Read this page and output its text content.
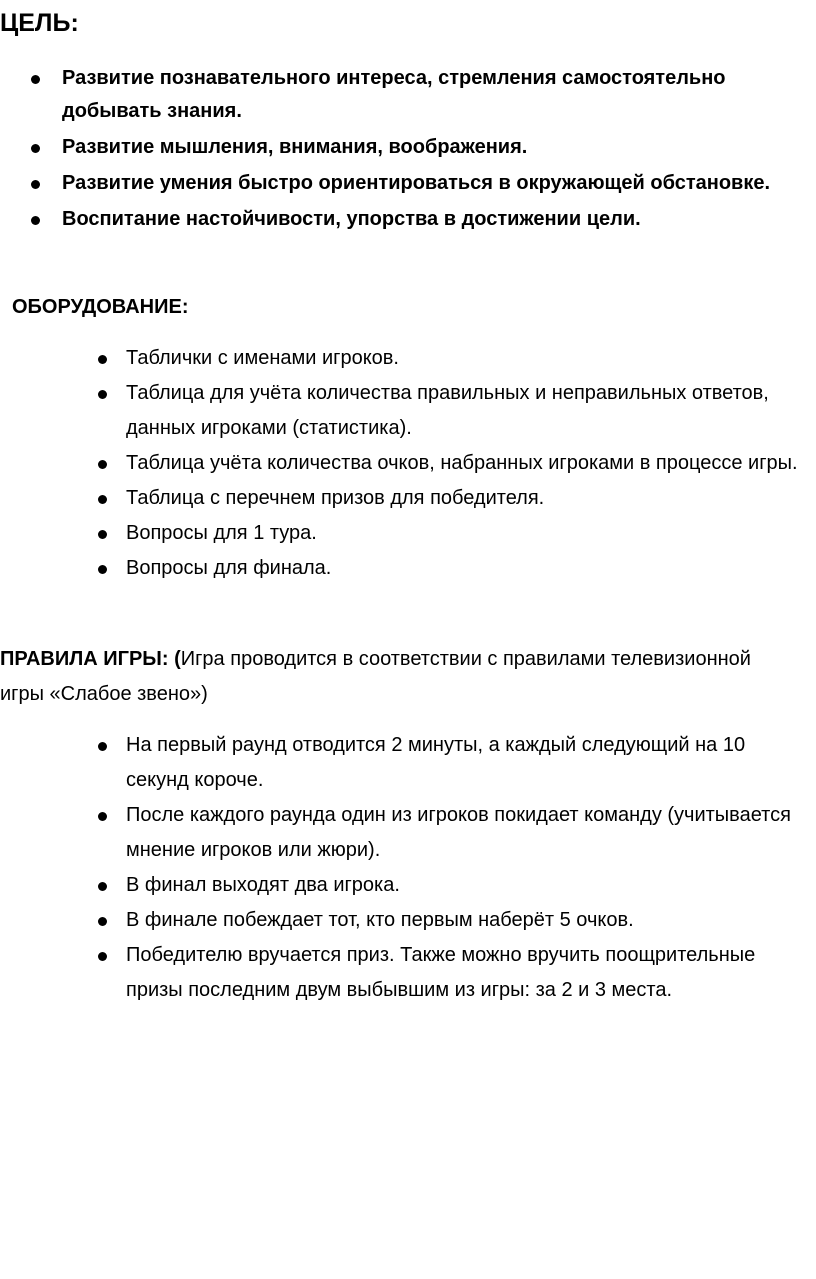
ЦЕЛЬ:
Развитие познавательного интереса, стремления самостоятельно добывать знания.
Развитие мышления, внимания, воображения.
Развитие умения быстро ориентироваться в окружающей обстановке.
Воспитание настойчивости, упорства в достижении цели.
ОБОРУДОВАНИЕ:
Таблички с именами игроков.
Таблица для учёта количества правильных и неправильных ответов, данных игроками (статистика).
Таблица учёта количества очков, набранных игроками в процессе игры.
Таблица с перечнем призов для победителя.
Вопросы для 1 тура.
Вопросы для финала.

ПРАВИЛА ИГРЫ: (Игра проводится в соответствии с правилами телевизионной игры «Слабое звено»)

На первый раунд отводится 2 минуты, а каждый следующий на 10 секунд короче.
После каждого раунда один из игроков покидает команду (учитывается мнение игроков или жюри).
В финал выходят два игрока.
В финале побеждает тот, кто первым наберёт 5 очков.
Победителю вручается приз. Также можно вручить поощрительные призы последним двум выбывшим из игры: за 2 и 3 места.
